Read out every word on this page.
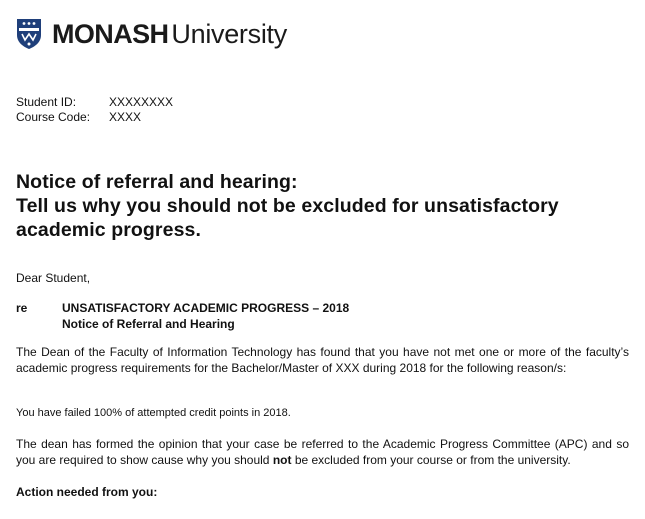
MONASH University
Student ID:	XXXXXXXX
Course Code:	XXXX
Notice of referral and hearing:
Tell us why you should not be excluded for unsatisfactory academic progress.
Dear Student,
re	UNSATISFACTORY ACADEMIC PROGRESS – 2018
Notice of Referral and Hearing
The Dean of the Faculty of Information Technology has found that you have not met one or more of the faculty’s academic progress requirements for the Bachelor/Master of XXX during 2018 for the following reason/s:
You have failed 100% of attempted credit points in 2018.
The dean has formed the opinion that your case be referred to the Academic Progress Committee (APC) and so you are required to show cause why you should not be excluded from your course or from the university.
Action needed from you:
